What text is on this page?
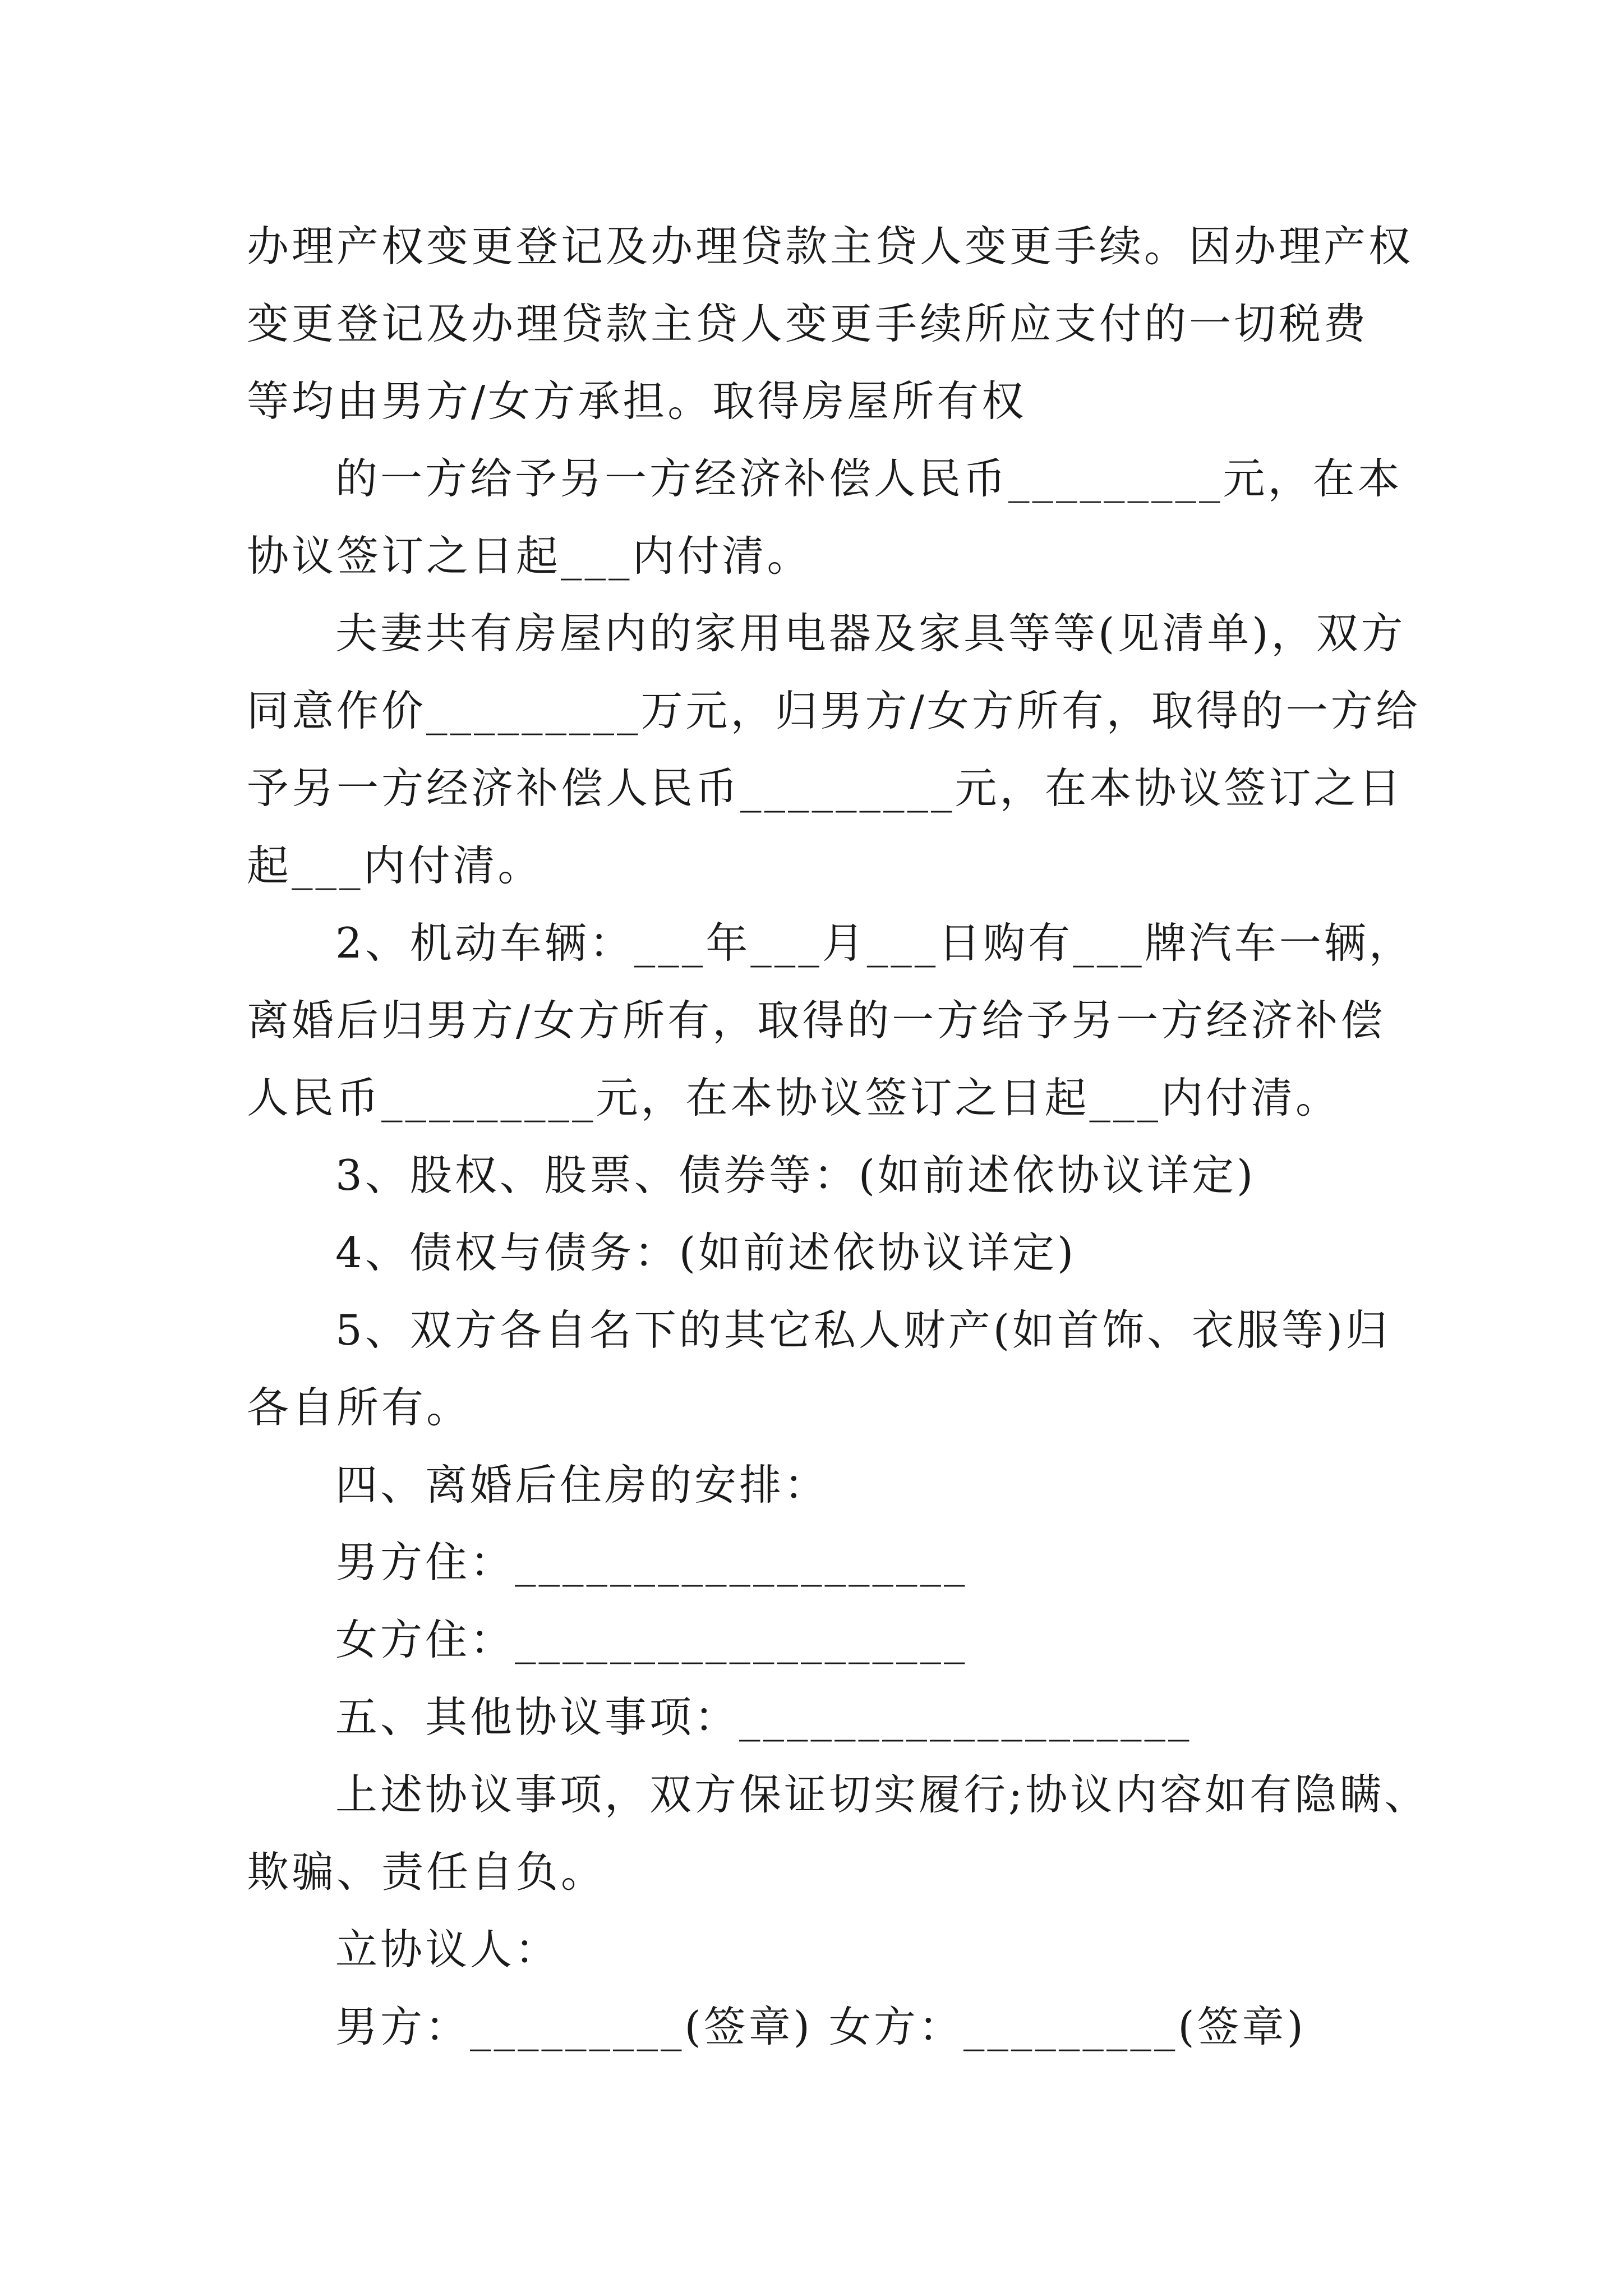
办理产权变更登记及办理贷款主贷人变更手续。因办理产权
变更登记及办理贷款主贷人变更手续所应支付的一切税费
等均由男方/女方承担。取得房屋所有权

的一方给予另一方经济补偿人民币_________元，在本
协议签订之日起___内付清。

夫妻共有房屋内的家用电器及家具等等(见清单)，双方
同意作价_________万元，归男方/女方所有，取得的一方给
予另一方经济补偿人民币_________元，在本协议签订之日
起___内付清。

2、机动车辆：___年___月___日购有___牌汽车一辆，
离婚后归男方/女方所有，取得的一方给予另一方经济补偿
人民币_________元，在本协议签订之日起___内付清。

3、股权、股票、债券等：(如前述依协议详定)

4、债权与债务：(如前述依协议详定)

5、双方各自名下的其它私人财产(如首饰、衣服等)归
各自所有。

四、离婚后住房的安排：

男方住：___________________

女方住：___________________

五、其他协议事项：___________________

上述协议事项，双方保证切实履行;协议内容如有隐瞒、
欺骗、责任自负。

立协议人：

男方：_________(签章) 女方：_________(签章)
